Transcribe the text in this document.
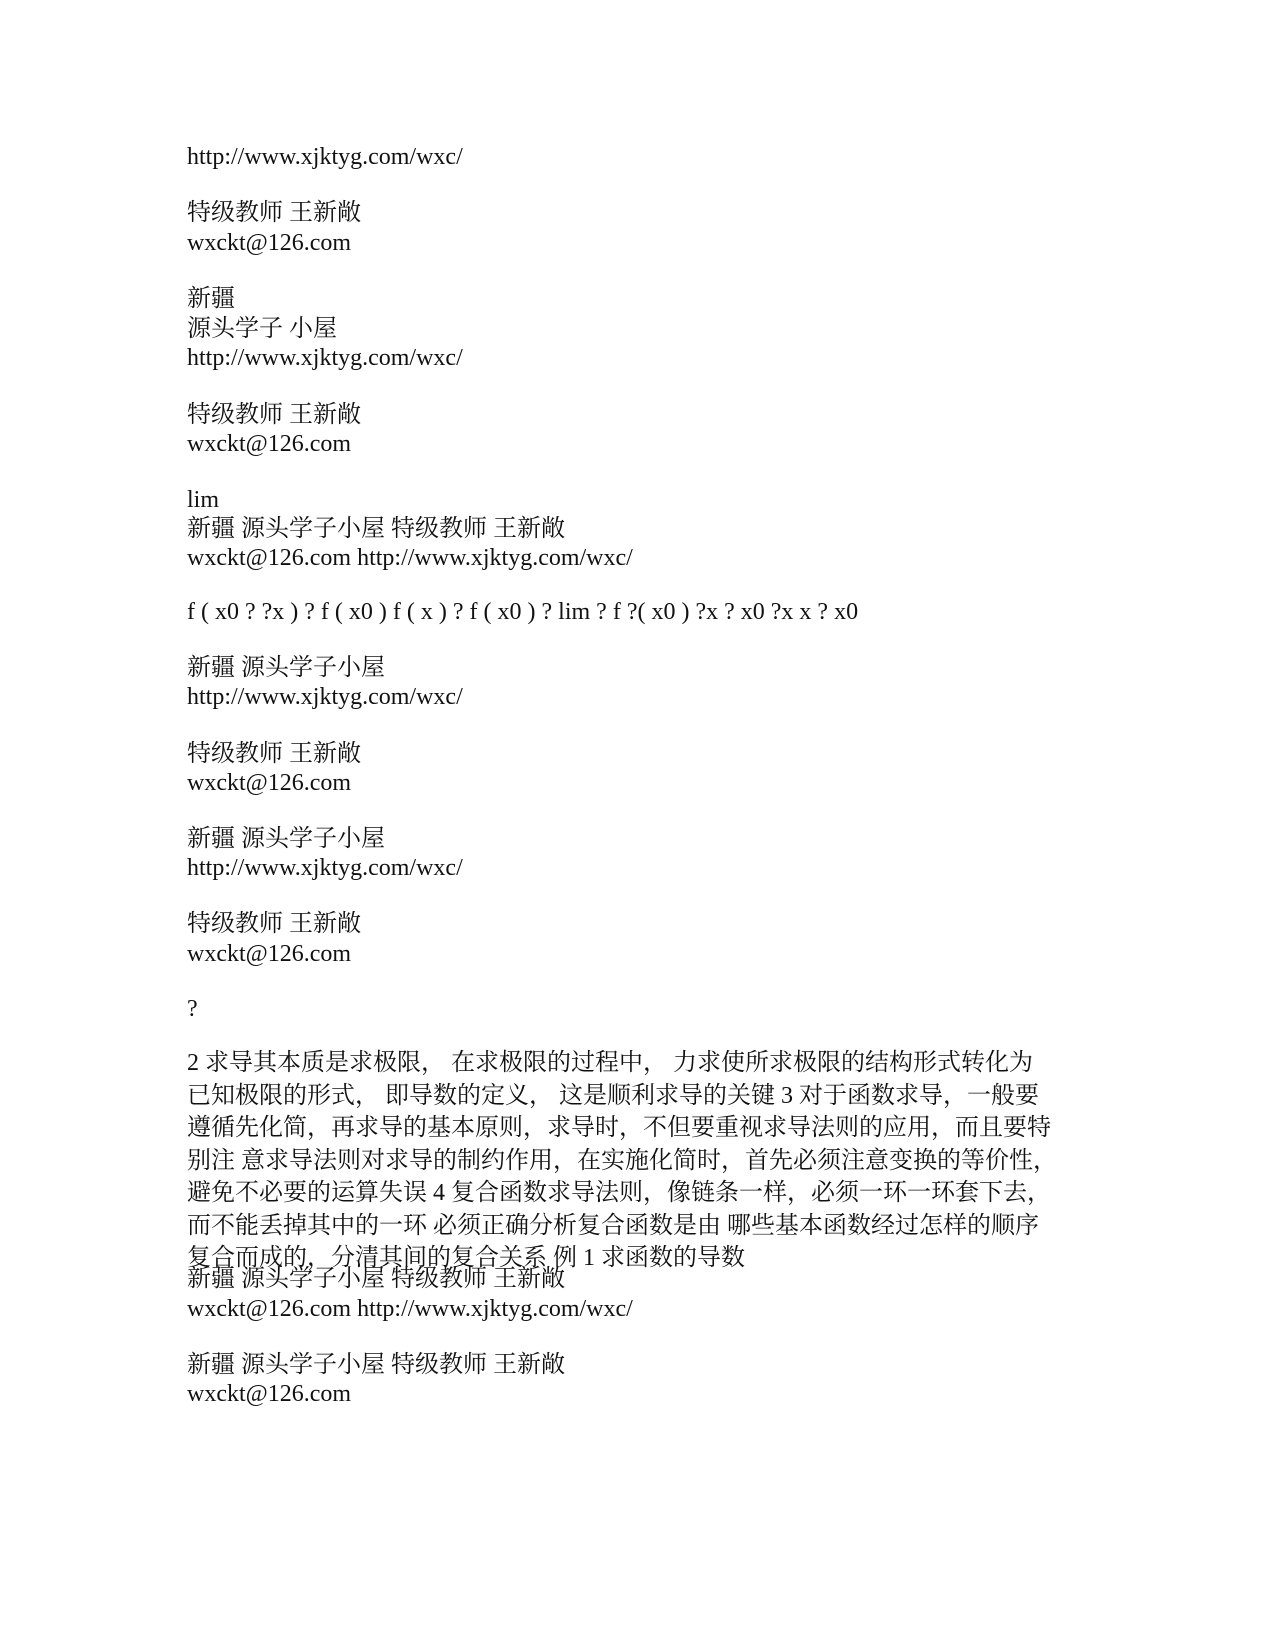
http://www.xjktyg.com/wxc/

特级教师 王新敞

wxckt@126.com

新疆

源头学子 小屋

http://www.xjktyg.com/wxc/

特级教师 王新敞

wxckt@126.com

lim

新疆 源头学子小屋 特级教师 王新敞

wxckt@126.com http://www.xjktyg.com/wxc/

f ( x0 ? ?x ) ? f ( x0 ) f ( x ) ? f ( x0 ) ? lim ? f ?( x0 ) ?x ? x0 ?x x ? x0

新疆 源头学子小屋

http://www.xjktyg.com/wxc/

特级教师 王新敞

wxckt@126.com

新疆 源头学子小屋

http://www.xjktyg.com/wxc/

特级教师 王新敞

wxckt@126.com

?

2 求导其本质是求极限， 在求极限的过程中， 力求使所求极限的结构形式转化为
已知极限的形式， 即导数的定义， 这是顺利求导的关键 3 对于函数求导，一般要
遵循先化简，再求导的基本原则，求导时，不但要重视求导法则的应用，而且要特
别注 意求导法则对求导的制约作用，在实施化简时，首先必须注意变换的等价性，
避免不必要的运算失误 4 复合函数求导法则，像链条一样，必须一环一环套下去，
而不能丢掉其中的一环 必须正确分析复合函数是由 哪些基本函数经过怎样的顺序
复合而成的，分清其间的复合关系 例 1 求函数的导数

新疆 源头学子小屋 特级教师 王新敞

wxckt@126.com http://www.xjktyg.com/wxc/

新疆 源头学子小屋 特级教师 王新敞

wxckt@126.com
